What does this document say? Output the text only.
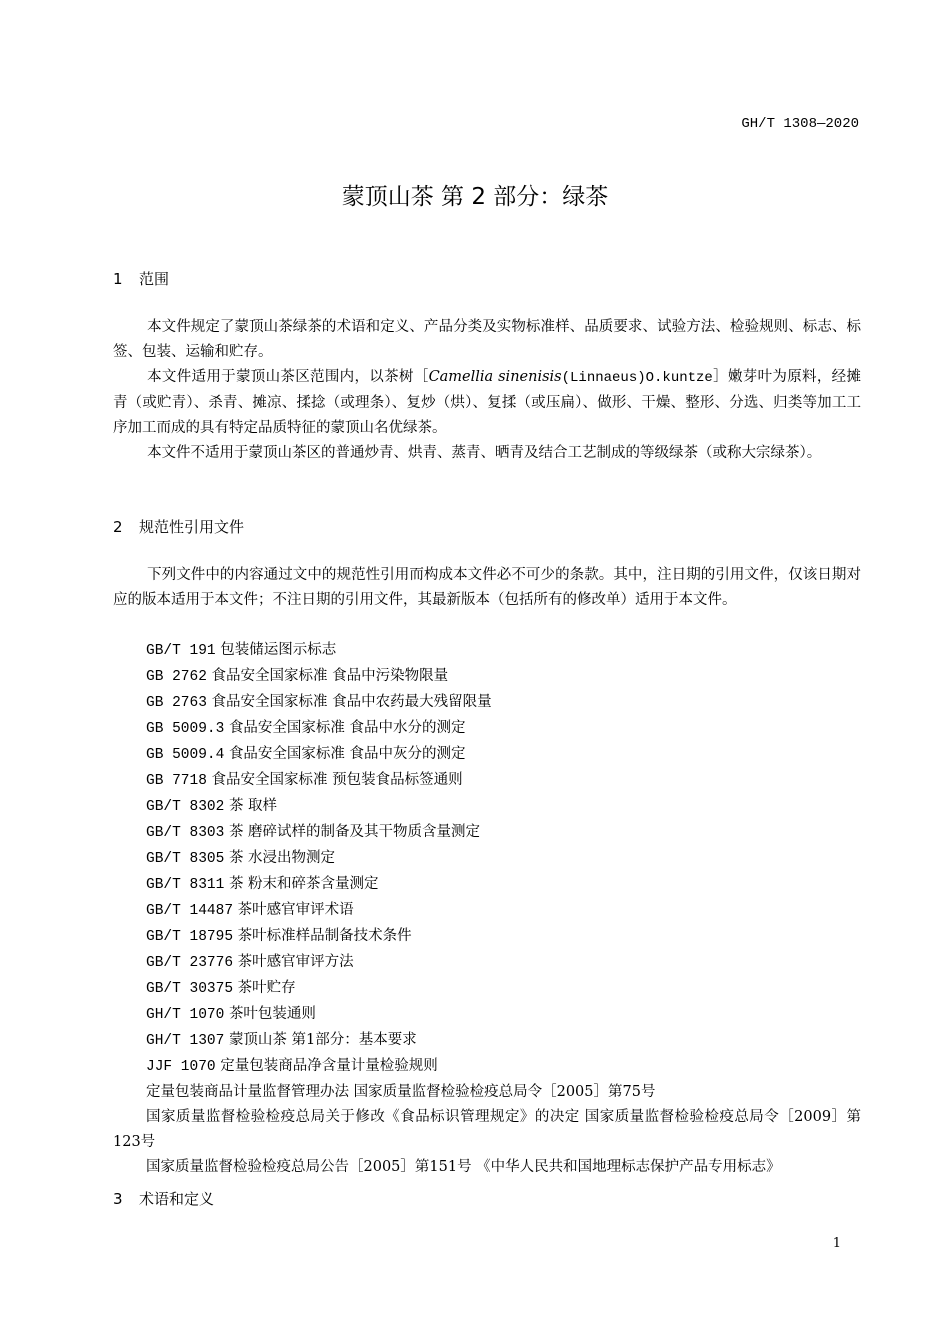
GH/T 1308—2020
蒙顶山茶 第 2 部分：绿茶
1 范围

本文件规定了蒙顶山茶绿茶的术语和定义、产品分类及实物标准样、品质要求、试验方法、检验规则、标志、标签、包装、运输和贮存。

本文件适用于蒙顶山茶区范围内，以茶树［Camellia sinenisis(Linnaeus)O.kuntze］嫩芽叶为原料，经摊青（或贮青）、杀青、摊凉、揉捻（或理条）、复炒（烘）、复揉（或压扁）、做形、干燥、整形、分选、归类等加工工序加工而成的具有特定品质特征的蒙顶山名优绿茶。

本文件不适用于蒙顶山茶区的普通炒青、烘青、蒸青、晒青及结合工艺制成的等级绿茶（或称大宗绿茶）。

2 规范性引用文件

下列文件中的内容通过文中的规范性引用而构成本文件必不可少的条款。其中，注日期的引用文件，仅该日期对应的版本适用于本文件；不注日期的引用文件，其最新版本（包括所有的修改单）适用于本文件。

GB/T 191 包装储运图示标志
GB 2762 食品安全国家标准 食品中污染物限量
GB 2763 食品安全国家标准 食品中农药最大残留限量
GB 5009.3 食品安全国家标准 食品中水分的测定
GB 5009.4 食品安全国家标准 食品中灰分的测定
GB 7718 食品安全国家标准 预包装食品标签通则
GB/T 8302 茶 取样
GB/T 8303 茶 磨碎试样的制备及其干物质含量测定
GB/T 8305 茶 水浸出物测定
GB/T 8311 茶 粉末和碎茶含量测定
GB/T 14487 茶叶感官审评术语
GB/T 18795 茶叶标准样品制备技术条件
GB/T 23776 茶叶感官审评方法
GB/T 30375 茶叶贮存
GH/T 1070 茶叶包装通则
GH/T 1307 蒙顶山茶 第1部分：基本要求
JJF 1070 定量包装商品净含量计量检验规则
定量包装商品计量监督管理办法 国家质量监督检验检疫总局令［2005］第75号
国家质量监督检验检疫总局关于修改《食品标识管理规定》的决定 国家质量监督检验检疫总局令［2009］第123号
国家质量监督检验检疫总局公告［2005］第151号 《中华人民共和国地理标志保护产品专用标志》
3 术语和定义
1
